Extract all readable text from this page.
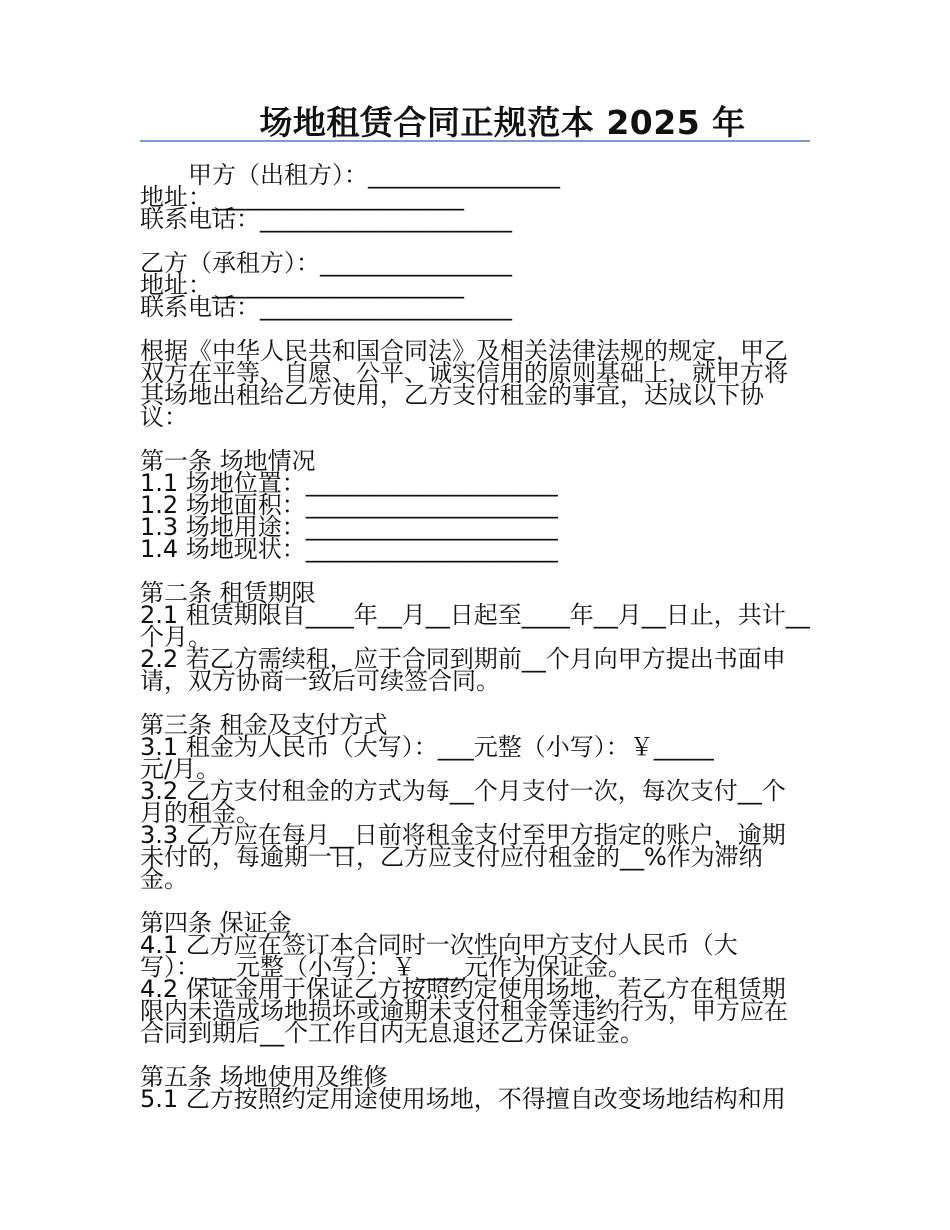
场地租赁合同正规范本 2025 年

甲方（出租方）：________________

地址：_____________________

联系电话：_____________________

乙方（承租方）：________________

地址：_____________________

联系电话：_____________________

根据《中华人民共和国合同法》及相关法律法规的规定，甲乙

双方在平等、自愿、公平、诚实信用的原则基础上，就甲方将

其场地出租给乙方使用，乙方支付租金的事宜，达成以下协

议：

第一条 场地情况

1.1 场地位置：_____________________

1.2 场地面积：_____________________

1.3 场地用途：_____________________

1.4 场地现状：_____________________

第二条 租赁期限

2.1 租赁期限自____年__月__日起至____年__月__日止，共计__

个月。

2.2 若乙方需续租，应于合同到期前__个月向甲方提出书面申

请，双方协商一致后可续签合同。

第三条 租金及支付方式

3.1 租金为人民币（大写）：___元整（小写）：￥_____

元/月。

3.2 乙方支付租金的方式为每__个月支付一次，每次支付__个

月的租金。

3.3 乙方应在每月__日前将租金支付至甲方指定的账户，逾期

未付的，每逾期一日，乙方应支付应付租金的__%作为滞纳

金。

第四条 保证金

4.1 乙方应在签订本合同时一次性向甲方支付人民币（大

写）：___元整（小写）：￥____元作为保证金。

4.2 保证金用于保证乙方按照约定使用场地，若乙方在租赁期

限内未造成场地损坏或逾期未支付租金等违约行为，甲方应在

合同到期后__个工作日内无息退还乙方保证金。

第五条 场地使用及维修

5.1 乙方按照约定用途使用场地，不得擅自改变场地结构和用
